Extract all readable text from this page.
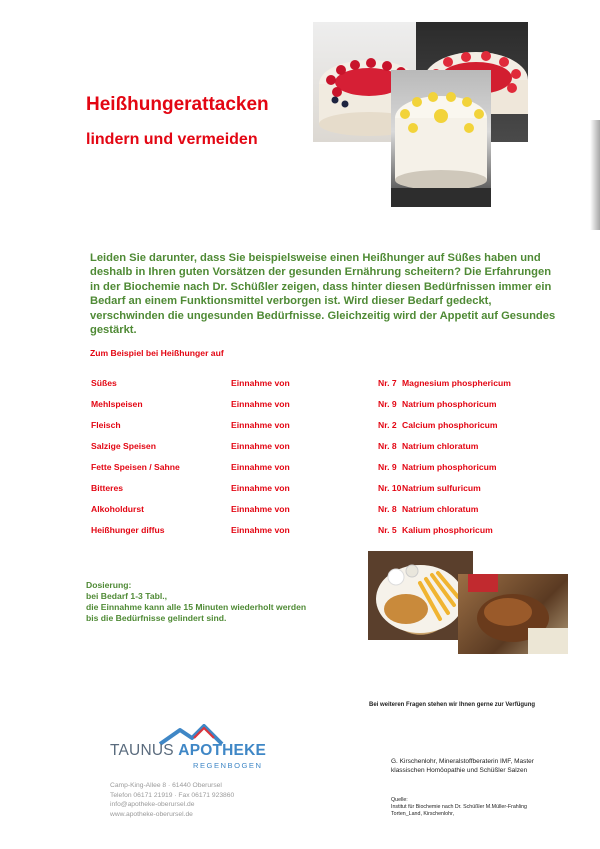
Heißhungerattacken
lindern und vermeiden
Leiden Sie darunter, dass Sie beispielsweise einen Heißhunger auf Süßes haben und deshalb in Ihren guten Vorsätzen der gesunden Ernährung scheitern? Die Erfahrungen in der Biochemie nach Dr. Schüßler zeigen, dass hinter diesen Bedürfnissen immer ein Bedarf an einem Funktionsmittel verborgen ist. Wird dieser Bedarf gedeckt, verschwinden die ungesunden Bedürfnisse. Gleichzeitig wird der Appetit auf Gesundes gestärkt.
Zum Beispiel bei Heißhunger auf
Süßes	Einnahme von	Nr. 7 Magnesium phosphericum
Mehlspeisen	Einnahme von	Nr. 9 Natrium phosphoricum
Fleisch	Einnahme von	Nr. 2 Calcium phosphoricum
Salzige Speisen	Einnahme von	Nr. 8 Natrium chloratum
Fette Speisen / Sahne	Einnahme von	Nr. 9 Natrium phosphoricum
Bitteres	Einnahme von	Nr. 10 Natrium sulfuricum
Alkoholdurst	Einnahme von	Nr. 8 Natrium chloratum
Heißhunger diffus	Einnahme von	Nr. 5 Kalium phosphoricum
Dosierung:
bei Bedarf 1-3 Tabl.,
die Einnahme kann alle 15 Minuten wiederholt werden
bis die Bedürfnisse gelindert sind.
Bei weiteren Fragen stehen wir Ihnen gerne zur Verfügung
TAUNUS APOTHEKE
REGENBOGEN
Camp-King-Allee 8 · 61440 Oberursel
Telefon 06171 21919 · Fax 06171 923860
info@apotheke-oberursel.de
www.apotheke-oberursel.de
G. Kirschenlohr, Mineralstoffberaterin IMF, Master
klassischen Homöopathie und Schüßler Salzen
Quelle:
Institut für Biochemie nach Dr. Schüßler M.Müller-Frahling
Torten_Land, Kirschenlohr,
